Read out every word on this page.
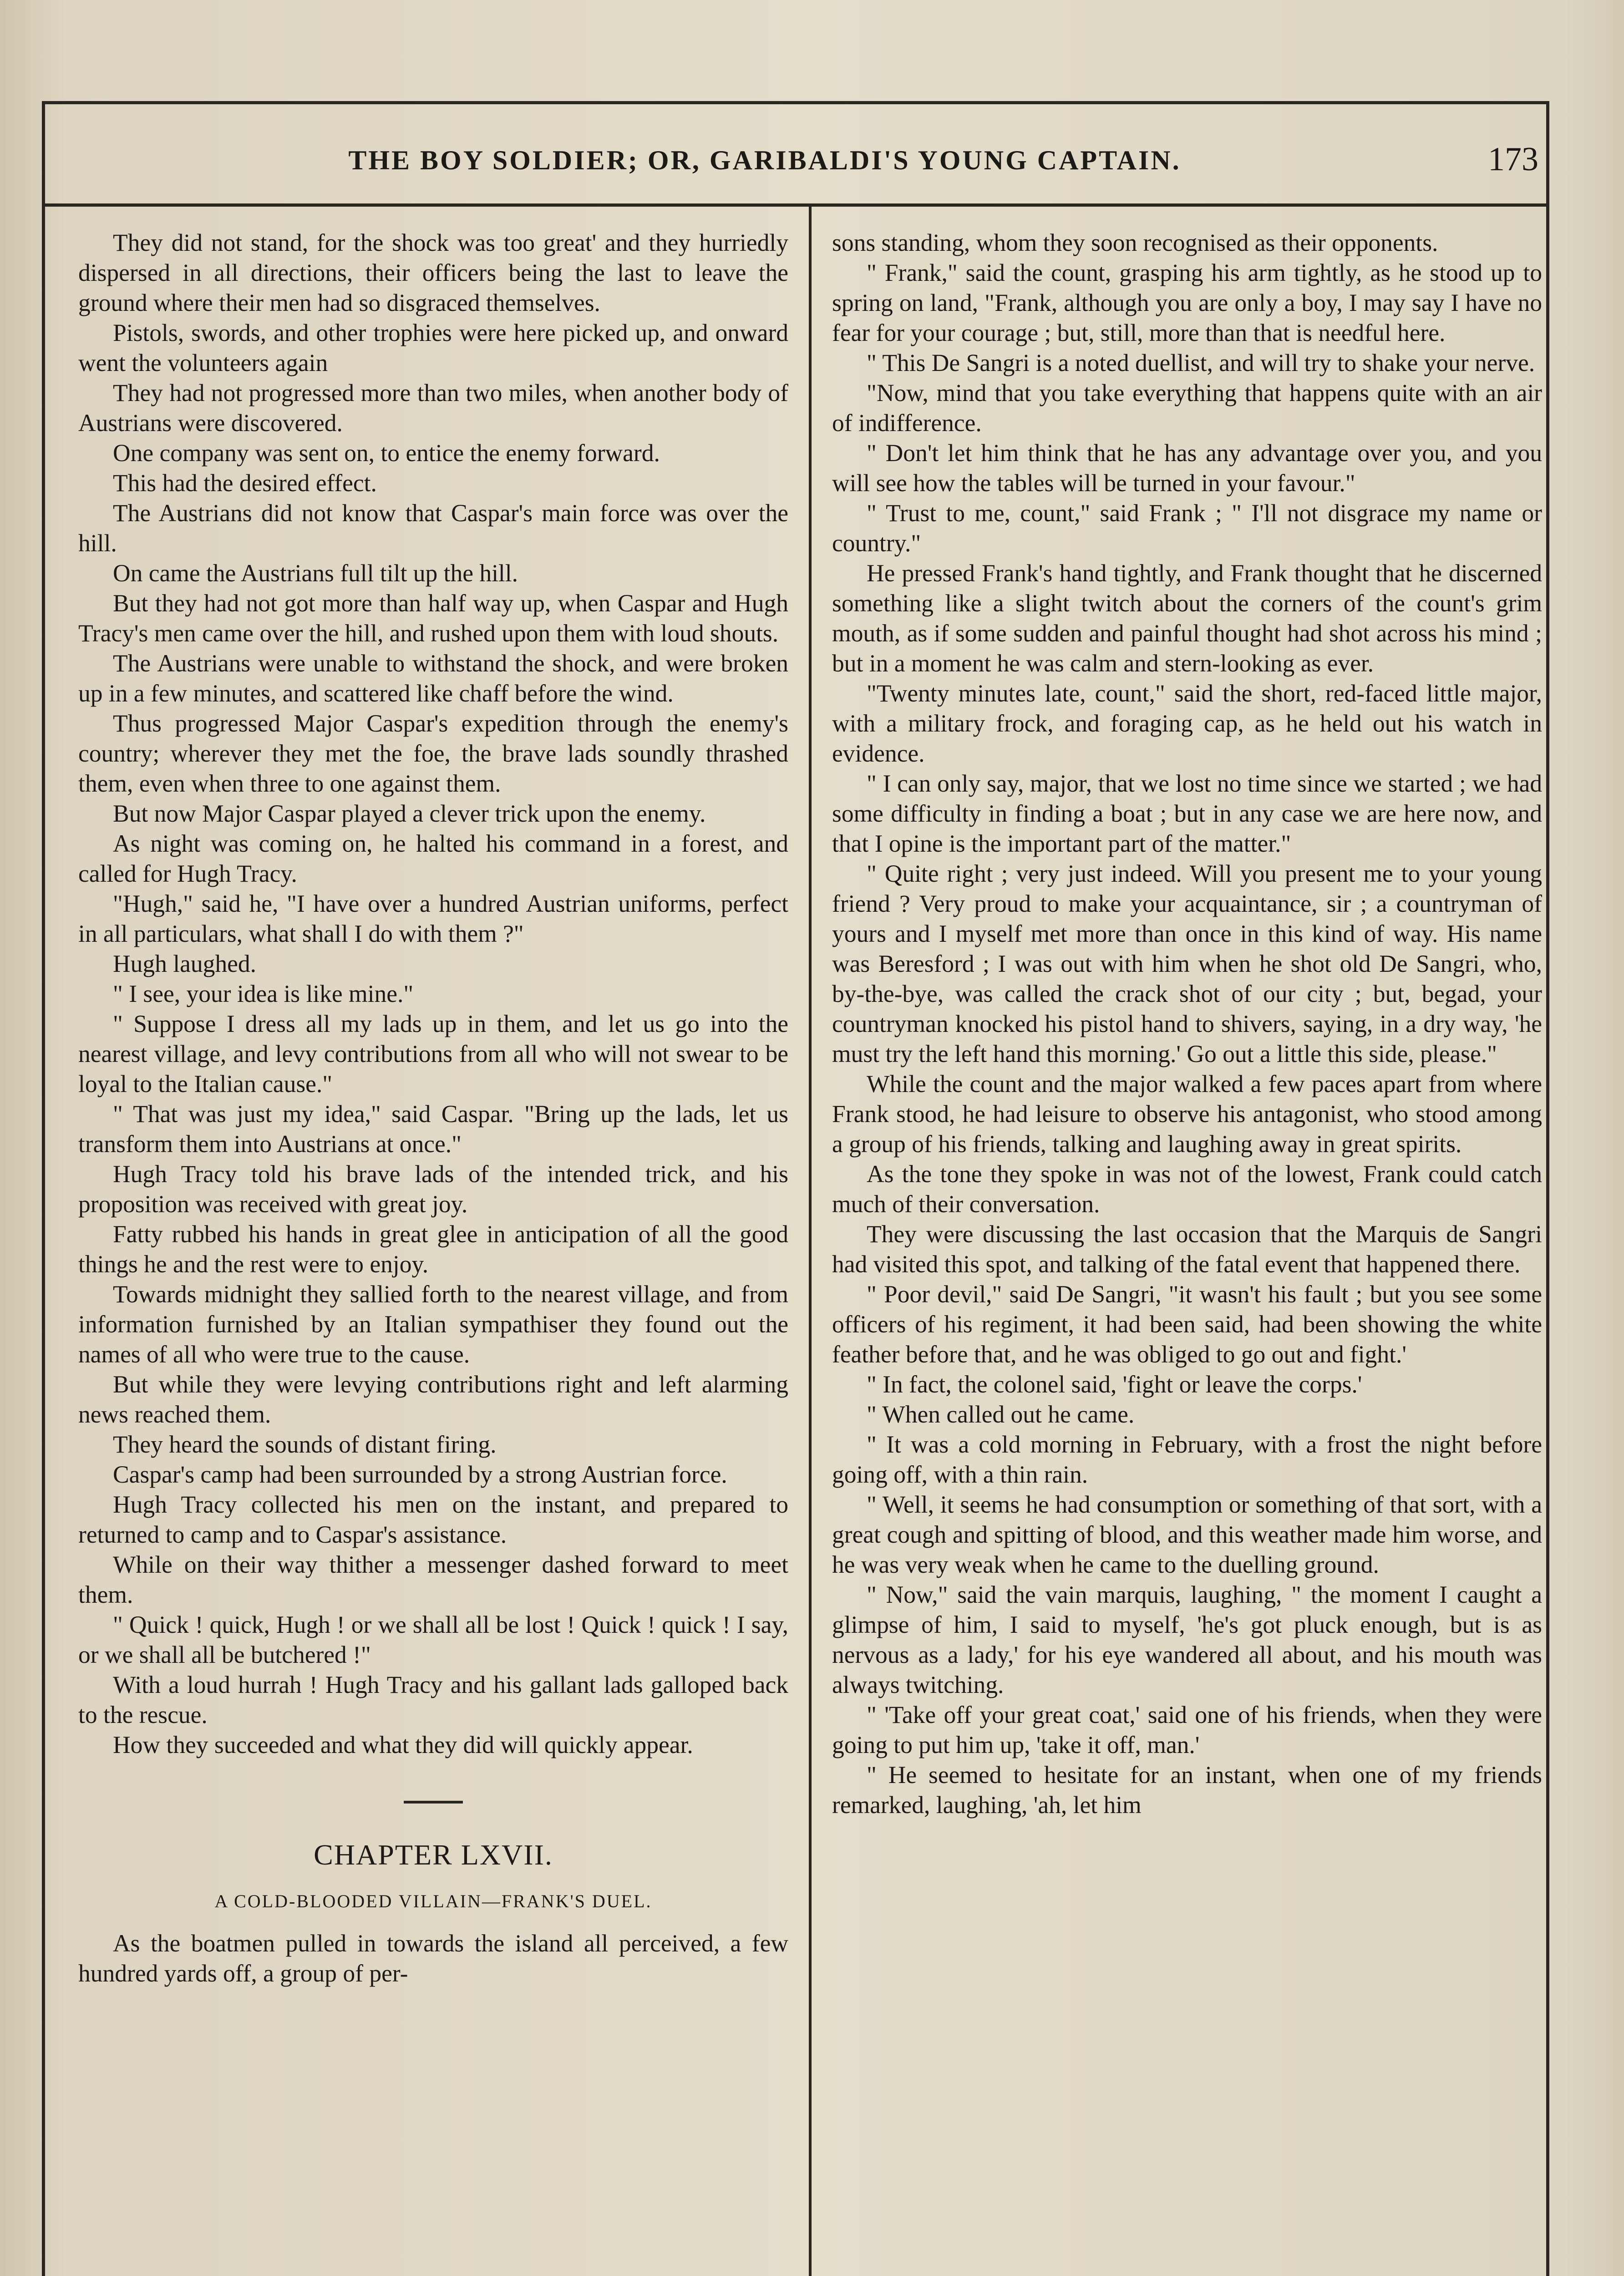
THE BOY SOLDIER; OR, GARIBALDI'S YOUNG CAPTAIN.	173

They did not stand, for the shock was too great' and they hurriedly dispersed in all directions, their officers being the last to leave the ground where their men had so disgraced themselves.

Pistols, swords, and other trophies were here picked up, and onward went the volunteers again

They had not progressed more than two miles, when another body of Austrians were discovered.

One company was sent on, to entice the enemy forward.

This had the desired effect.

The Austrians did not know that Caspar's main force was over the hill.

On came the Austrians full tilt up the hill.

But they had not got more than half way up, when Caspar and Hugh Tracy's men came over the hill, and rushed upon them with loud shouts.

The Austrians were unable to withstand the shock, and were broken up in a few minutes, and scattered like chaff before the wind.

Thus progressed Major Caspar's expedition through the enemy's country; wherever they met the foe, the brave lads soundly thrashed them, even when three to one against them.

But now Major Caspar played a clever trick upon the enemy.

As night was coming on, he halted his command in a forest, and called for Hugh Tracy.

"Hugh," said he, "I have over a hundred Austrian uniforms, perfect in all particulars, what shall I do with them ?"

Hugh laughed.

" I see, your idea is like mine."

" Suppose I dress all my lads up in them, and let us go into the nearest village, and levy contributions from all who will not swear to be loyal to the Italian cause."

" That was just my idea," said Caspar. "Bring up the lads, let us transform them into Austrians at once."

Hugh Tracy told his brave lads of the intended trick, and his proposition was received with great joy.

Fatty rubbed his hands in great glee in anticipation of all the good things he and the rest were to enjoy.

Towards midnight they sallied forth to the nearest village, and from information furnished by an Italian sympathiser they found out the names of all who were true to the cause.

But while they were levying contributions right and left alarming news reached them.

They heard the sounds of distant firing.

Caspar's camp had been surrounded by a strong Austrian force.

Hugh Tracy collected his men on the instant, and prepared to returned to camp and to Caspar's assistance.

While on their way thither a messenger dashed forward to meet them.

" Quick ! quick, Hugh ! or we shall all be lost ! Quick ! quick ! I say, or we shall all be butchered !"

With a loud hurrah ! Hugh Tracy and his gallant lads galloped back to the rescue.

How they succeeded and what they did will quickly appear.

CHAPTER LXVII.
A COLD-BLOODED VILLAIN—FRANK'S DUEL.

As the boatmen pulled in towards the island all perceived, a few hundred yards off, a group of per-

sons standing, whom they soon recognised as their opponents.

" Frank," said the count, grasping his arm tightly, as he stood up to spring on land, "Frank, although you are only a boy, I may say I have no fear for your courage ; but, still, more than that is needful here.

" This De Sangri is a noted duellist, and will try to shake your nerve.

"Now, mind that you take everything that happens quite with an air of indifference.

" Don't let him think that he has any advantage over you, and you will see how the tables will be turned in your favour."

" Trust to me, count," said Frank ; " I'll not disgrace my name or country."

He pressed Frank's hand tightly, and Frank thought that he discerned something like a slight twitch about the corners of the count's grim mouth, as if some sudden and painful thought had shot across his mind ; but in a moment he was calm and stern-looking as ever.

"Twenty minutes late, count," said the short, red-faced little major, with a military frock, and foraging cap, as he held out his watch in evidence.

" I can only say, major, that we lost no time since we started ; we had some difficulty in finding a boat ; but in any case we are here now, and that I opine is the important part of the matter."

" Quite right ; very just indeed. Will you present me to your young friend ? Very proud to make your acquaintance, sir ; a countryman of yours and I myself met more than once in this kind of way. His name was Beresford ; I was out with him when he shot old De Sangri, who, by-the-bye, was called the crack shot of our city ; but, begad, your countryman knocked his pistol hand to shivers, saying, in a dry way, 'he must try the left hand this morning.' Go out a little this side, please."

While the count and the major walked a few paces apart from where Frank stood, he had leisure to observe his antagonist, who stood among a group of his friends, talking and laughing away in great spirits.

As the tone they spoke in was not of the lowest, Frank could catch much of their conversation.

They were discussing the last occasion that the Marquis de Sangri had visited this spot, and talking of the fatal event that happened there.

" Poor devil," said De Sangri, "it wasn't his fault ; but you see some officers of his regiment, it had been said, had been showing the white feather before that, and he was obliged to go out and fight.'

" In fact, the colonel said, 'fight or leave the corps.'

" When called out he came.

" It was a cold morning in February, with a frost the night before going off, with a thin rain.

" Well, it seems he had consumption or something of that sort, with a great cough and spitting of blood, and this weather made him worse, and he was very weak when he came to the duelling ground.

" Now," said the vain marquis, laughing, " the moment I caught a glimpse of him, I said to myself, 'he's got pluck enough, but is as nervous as a lady,' for his eye wandered all about, and his mouth was always twitching.

" 'Take off your great coat,' said one of his friends, when they were going to put him up, 'take it off, man.'

" He seemed to hesitate for an instant, when one of my friends remarked, laughing, 'ah, let him
